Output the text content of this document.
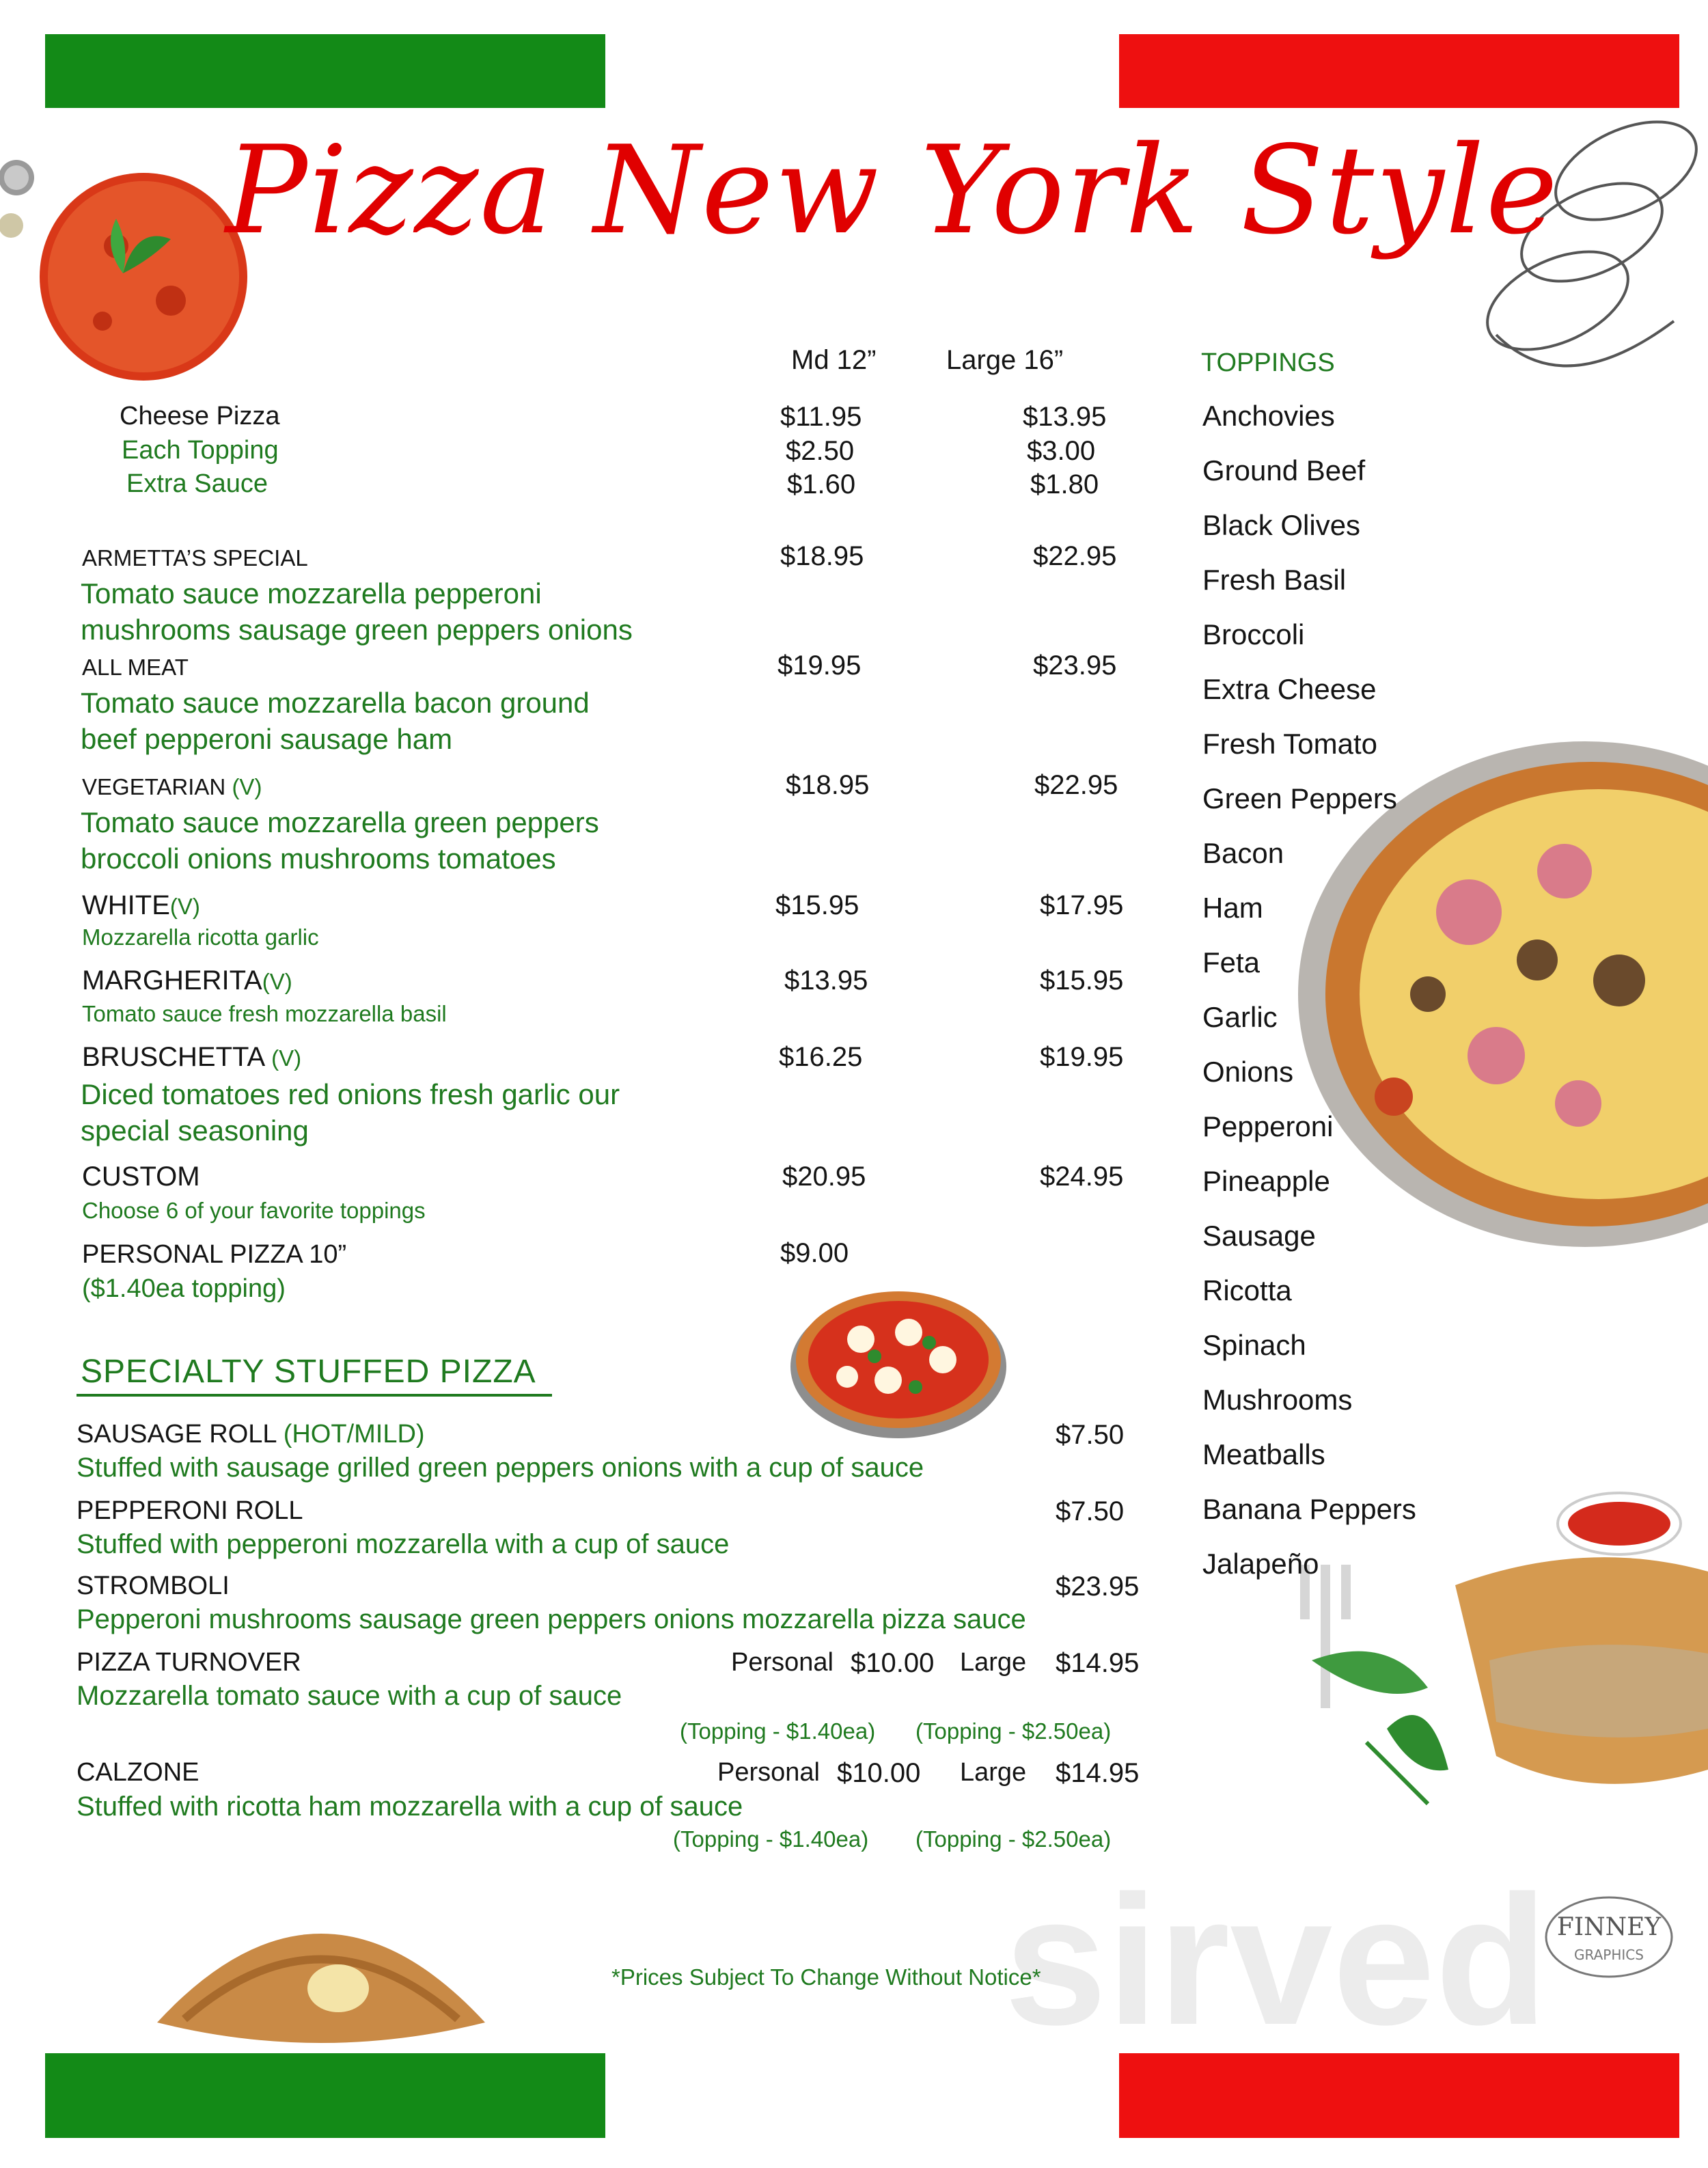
FINNEY
GRAPHICS
sirved
Pizza New York Style
Md 12”	Large 16”
Cheese Pizza	$11.95	$13.95
Each Topping	$2.50	$3.00
Extra Sauce	$1.60	$1.80
ARMETTA’S SPECIAL	$18.95	$22.95
Tomato sauce mozzarella pepperoni
mushrooms sausage green peppers onions
ALL MEAT	$19.95	$23.95
Tomato sauce mozzarella bacon ground
beef pepperoni sausage ham
VEGETARIAN (V)	$18.95	$22.95
Tomato sauce mozzarella green peppers
broccoli onions mushrooms tomatoes
WHITE(V)	$15.95	$17.95
Mozzarella ricotta garlic
MARGHERITA(V)	$13.95	$15.95
Tomato sauce fresh mozzarella basil
BRUSCHETTA (V)	$16.25	$19.95
Diced tomatoes red onions fresh garlic our
special seasoning
CUSTOM	$20.95	$24.95
Choose 6 of your favorite toppings
PERSONAL PIZZA 10”	$9.00
($1.40ea topping)
TOPPINGS
Anchovies
Ground Beef
Black Olives
Fresh Basil
Broccoli
Extra Cheese
Fresh Tomato
Green Peppers
Bacon
Ham
Feta
Garlic
Onions
Pepperoni
Pineapple
Sausage
Ricotta
Spinach
Mushrooms
Meatballs
Banana Peppers
Jalapeño
SPECIALTY STUFFED PIZZA
SAUSAGE ROLL (HOT/MILD)	$7.50
Stuffed with sausage grilled green peppers onions with a cup of sauce
PEPPERONI ROLL	$7.50
Stuffed with pepperoni mozzarella with a cup of sauce
STROMBOLI	$23.95
Pepperoni mushrooms sausage green peppers onions mozzarella pizza sauce
PIZZA TURNOVER	Personal $10.00 Large $14.95
Mozzarella tomato sauce with a cup of sauce
(Topping - $1.40ea) (Topping - $2.50ea)
CALZONE	Personal $10.00 Large $14.95
Stuffed with ricotta ham mozzarella with a cup of sauce
(Topping - $1.40ea) (Topping - $2.50ea)
*Prices Subject To Change Without Notice*
